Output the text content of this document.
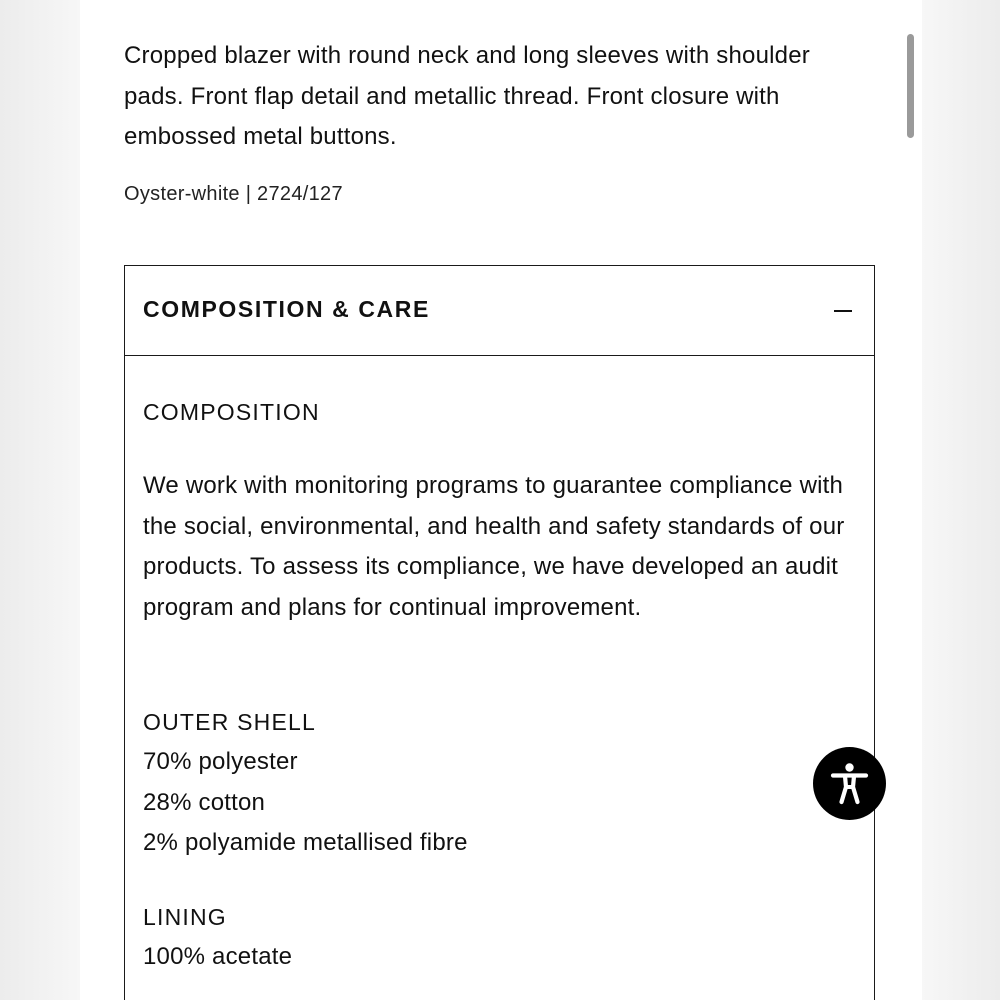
Cropped blazer with round neck and long sleeves with shoulder pads. Front flap detail and metallic thread. Front closure with embossed metal buttons.

Oyster-white | 2724/127
COMPOSITION & CARE
COMPOSITION

We work with monitoring programs to guarantee compliance with the social, environmental, and health and safety standards of our products. To assess its compliance, we have developed an audit program and plans for continual improvement.

OUTER SHELL
70% polyester
28% cotton
2% polyamide metallised fibre
LINING
100% acetate
